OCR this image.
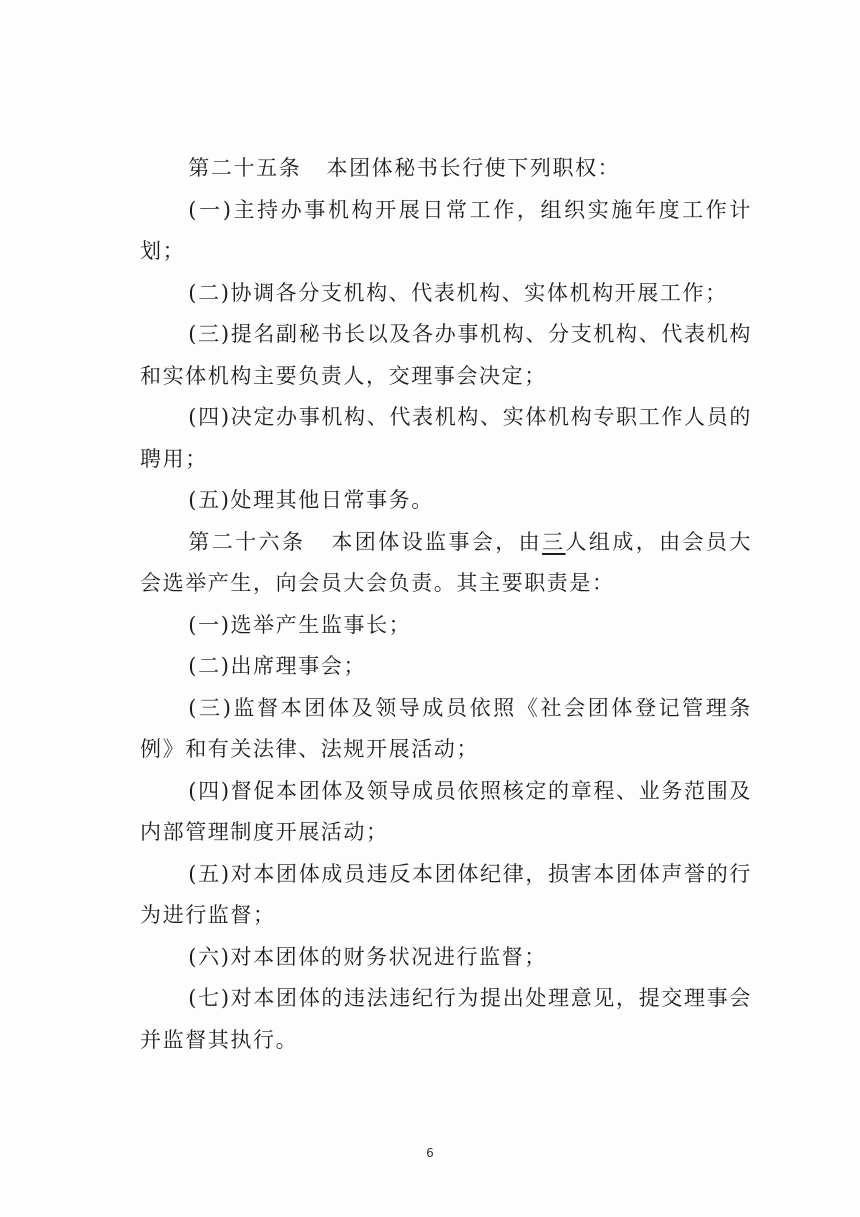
第二十五条 本团体秘书长行使下列职权：

(一)主持办事机构开展日常工作，组织实施年度工作计划；

(二)协调各分支机构、代表机构、实体机构开展工作；

(三)提名副秘书长以及各办事机构、分支机构、代表机构和实体机构主要负责人，交理事会决定；

(四)决定办事机构、代表机构、实体机构专职工作人员的聘用；

(五)处理其他日常事务。

第二十六条 本团体设监事会，由三人组成，由会员大会选举产生，向会员大会负责。其主要职责是：

(一)选举产生监事长；

(二)出席理事会；

(三)监督本团体及领导成员依照《社会团体登记管理条例》和有关法律、法规开展活动；

(四)督促本团体及领导成员依照核定的章程、业务范围及内部管理制度开展活动；

(五)对本团体成员违反本团体纪律，损害本团体声誉的行为进行监督；

(六)对本团体的财务状况进行监督；

(七)对本团体的违法违纪行为提出处理意见，提交理事会并监督其执行。

6
